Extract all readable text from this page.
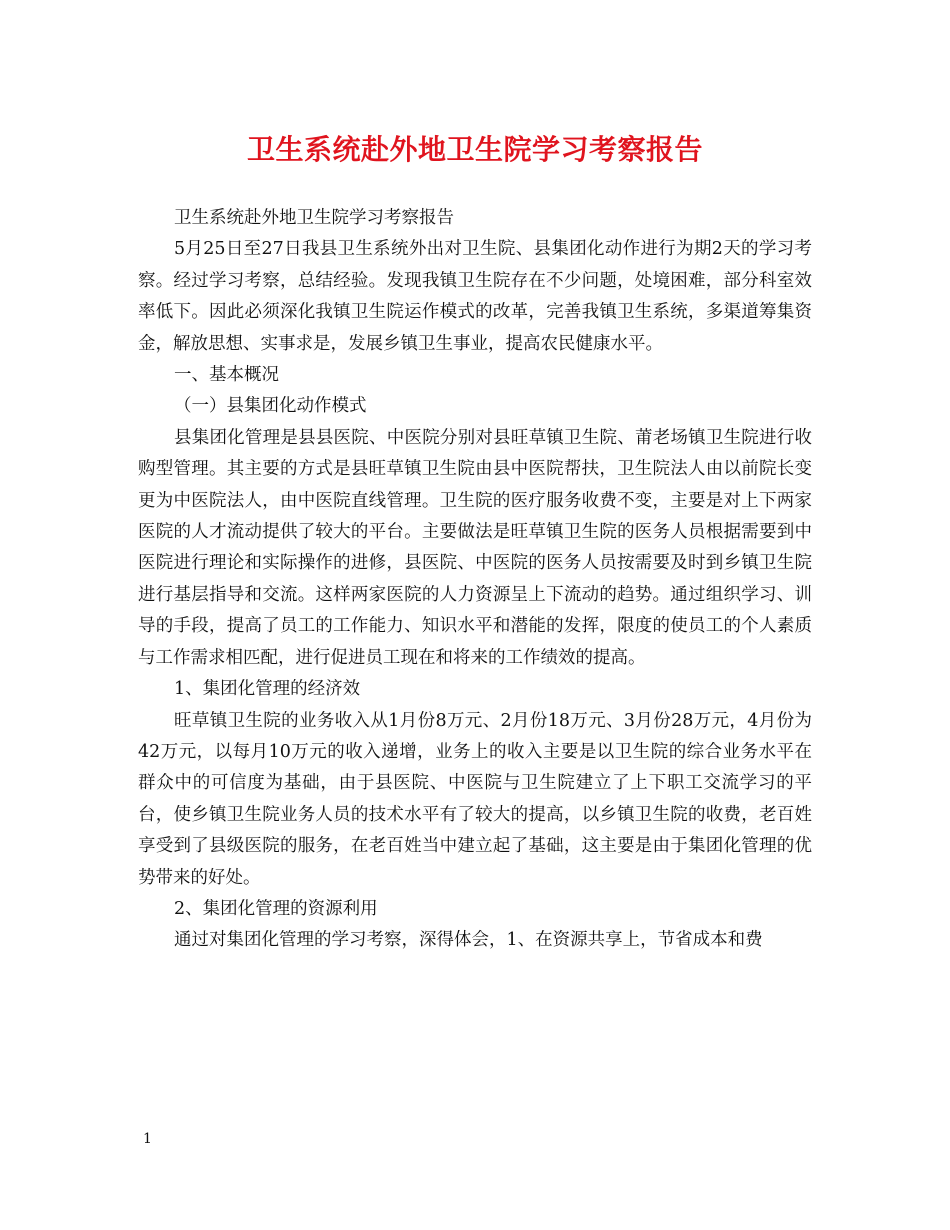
卫生系统赴外地卫生院学习考察报告

卫生系统赴外地卫生院学习考察报告

5月25日至27日我县卫生系统外出对卫生院、县集团化动作进行为期2天的学习考察。经过学习考察，总结经验。发现我镇卫生院存在不少问题，处境困难，部分科室效率低下。因此必须深化我镇卫生院运作模式的改革，完善我镇卫生系统，多渠道筹集资金，解放思想、实事求是，发展乡镇卫生事业，提高农民健康水平。

一、基本概况

（一）县集团化动作模式

县集团化管理是县县医院、中医院分别对县旺草镇卫生院、莆老场镇卫生院进行收购型管理。其主要的方式是县旺草镇卫生院由县中医院帮扶，卫生院法人由以前院长变更为中医院法人，由中医院直线管理。卫生院的医疗服务收费不变，主要是对上下两家医院的人才流动提供了较大的平台。主要做法是旺草镇卫生院的医务人员根据需要到中医院进行理论和实际操作的进修，县医院、中医院的医务人员按需要及时到乡镇卫生院进行基层指导和交流。这样两家医院的人力资源呈上下流动的趋势。通过组织学习、训导的手段，提高了员工的工作能力、知识水平和潜能的发挥，限度的使员工的个人素质与工作需求相匹配，进行促进员工现在和将来的工作绩效的提高。

1、集团化管理的经济效

旺草镇卫生院的业务收入从1月份8万元、2月份18万元、3月份28万元，4月份为42万元，以每月10万元的收入递增，业务上的收入主要是以卫生院的综合业务水平在群众中的可信度为基础，由于县医院、中医院与卫生院建立了上下职工交流学习的平台，使乡镇卫生院业务人员的技术水平有了较大的提高，以乡镇卫生院的收费，老百姓享受到了县级医院的服务，在老百姓当中建立起了基础，这主要是由于集团化管理的优势带来的好处。

2、集团化管理的资源利用

通过对集团化管理的学习考察，深得体会，1、在资源共享上，节省成本和费

1
